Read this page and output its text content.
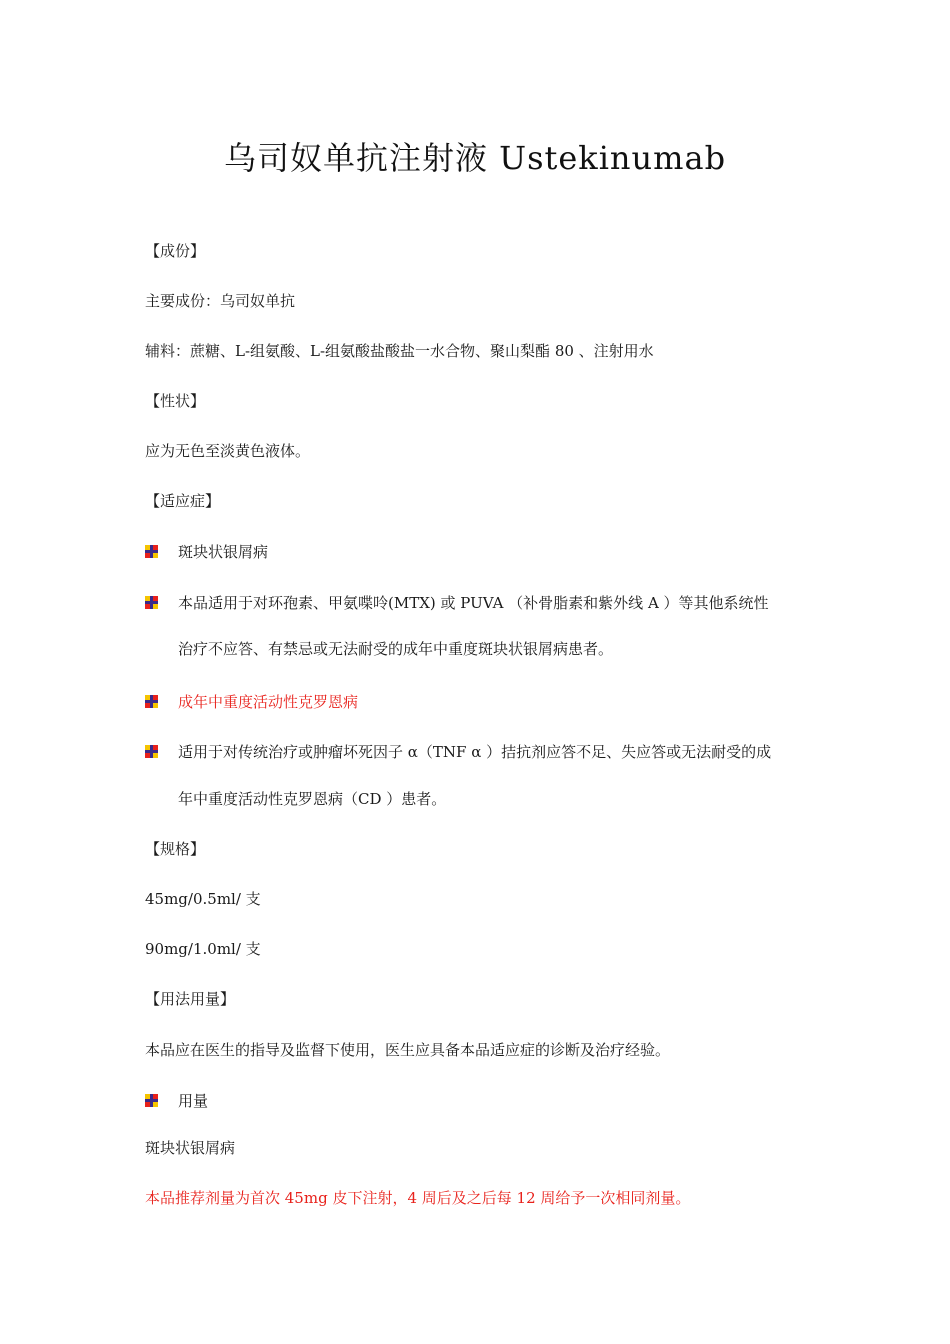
乌司奴单抗注射液 Ustekinumab
【成份】
主要成份：乌司奴单抗
辅料：蔗糖、L-组氨酸、L-组氨酸盐酸盐一水合物、聚山梨酯 80 、注射用水
【性状】
应为无色至淡黄色液体。
【适应症】
斑块状银屑病
本品适用于对环孢素、甲氨喋呤(MTX) 或 PUVA （补骨脂素和紫外线 A ）等其他系统性
治疗不应答、有禁忌或无法耐受的成年中重度斑块状银屑病患者。
成年中重度活动性克罗恩病
适用于对传统治疗或肿瘤坏死因子 α（TNF α ）拮抗剂应答不足、失应答或无法耐受的成
年中重度活动性克罗恩病（CD ）患者。
【规格】
45mg/0.5ml/ 支
90mg/1.0ml/ 支
【用法用量】
本品应在医生的指导及监督下使用，医生应具备本品适应症的诊断及治疗经验。
用量
斑块状银屑病
本品推荐剂量为首次 45mg 皮下注射，4 周后及之后每 12 周给予一次相同剂量。
